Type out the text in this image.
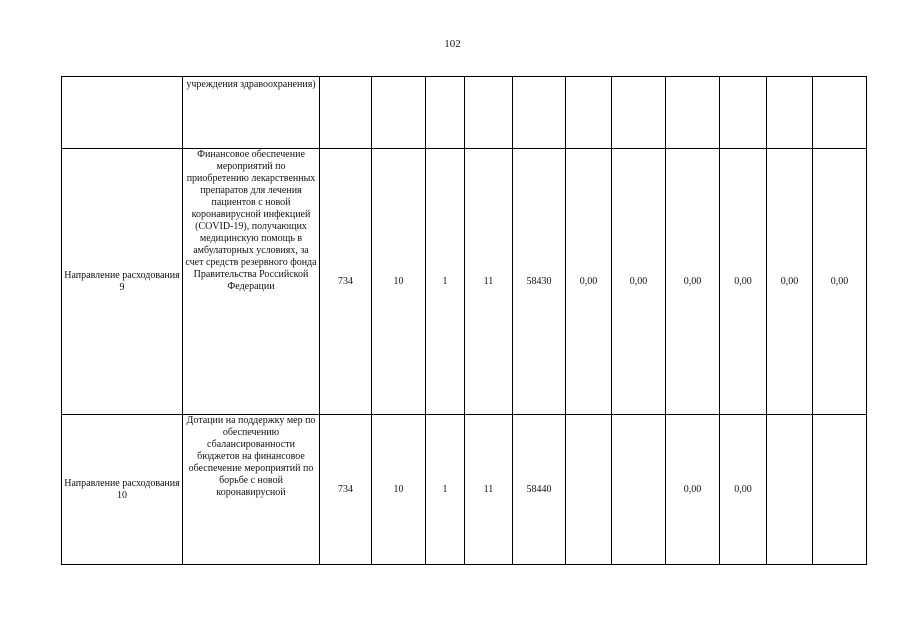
102
	учреждения здравоохранения)											
Направление расходования 9	Финансовое обеспечение мероприятий по приобретению лекарственных препаратов для лечения пациентов с новой коронавирусной инфекцией (COVID-19), получающих медицинскую помощь в амбулаторных условиях, за счет средств резервного фонда Правительства Российской Федерации	734	10	1	11	58430	0,00	0,00	0,00	0,00	0,00	0,00
Направление расходования 10	Дотации на поддержку мер по обеспечению сбалансированности бюджетов на финансовое обеспечение мероприятий по борьбе с новой коронавирусной	734	10	1	11	58440			0,00	0,00		
